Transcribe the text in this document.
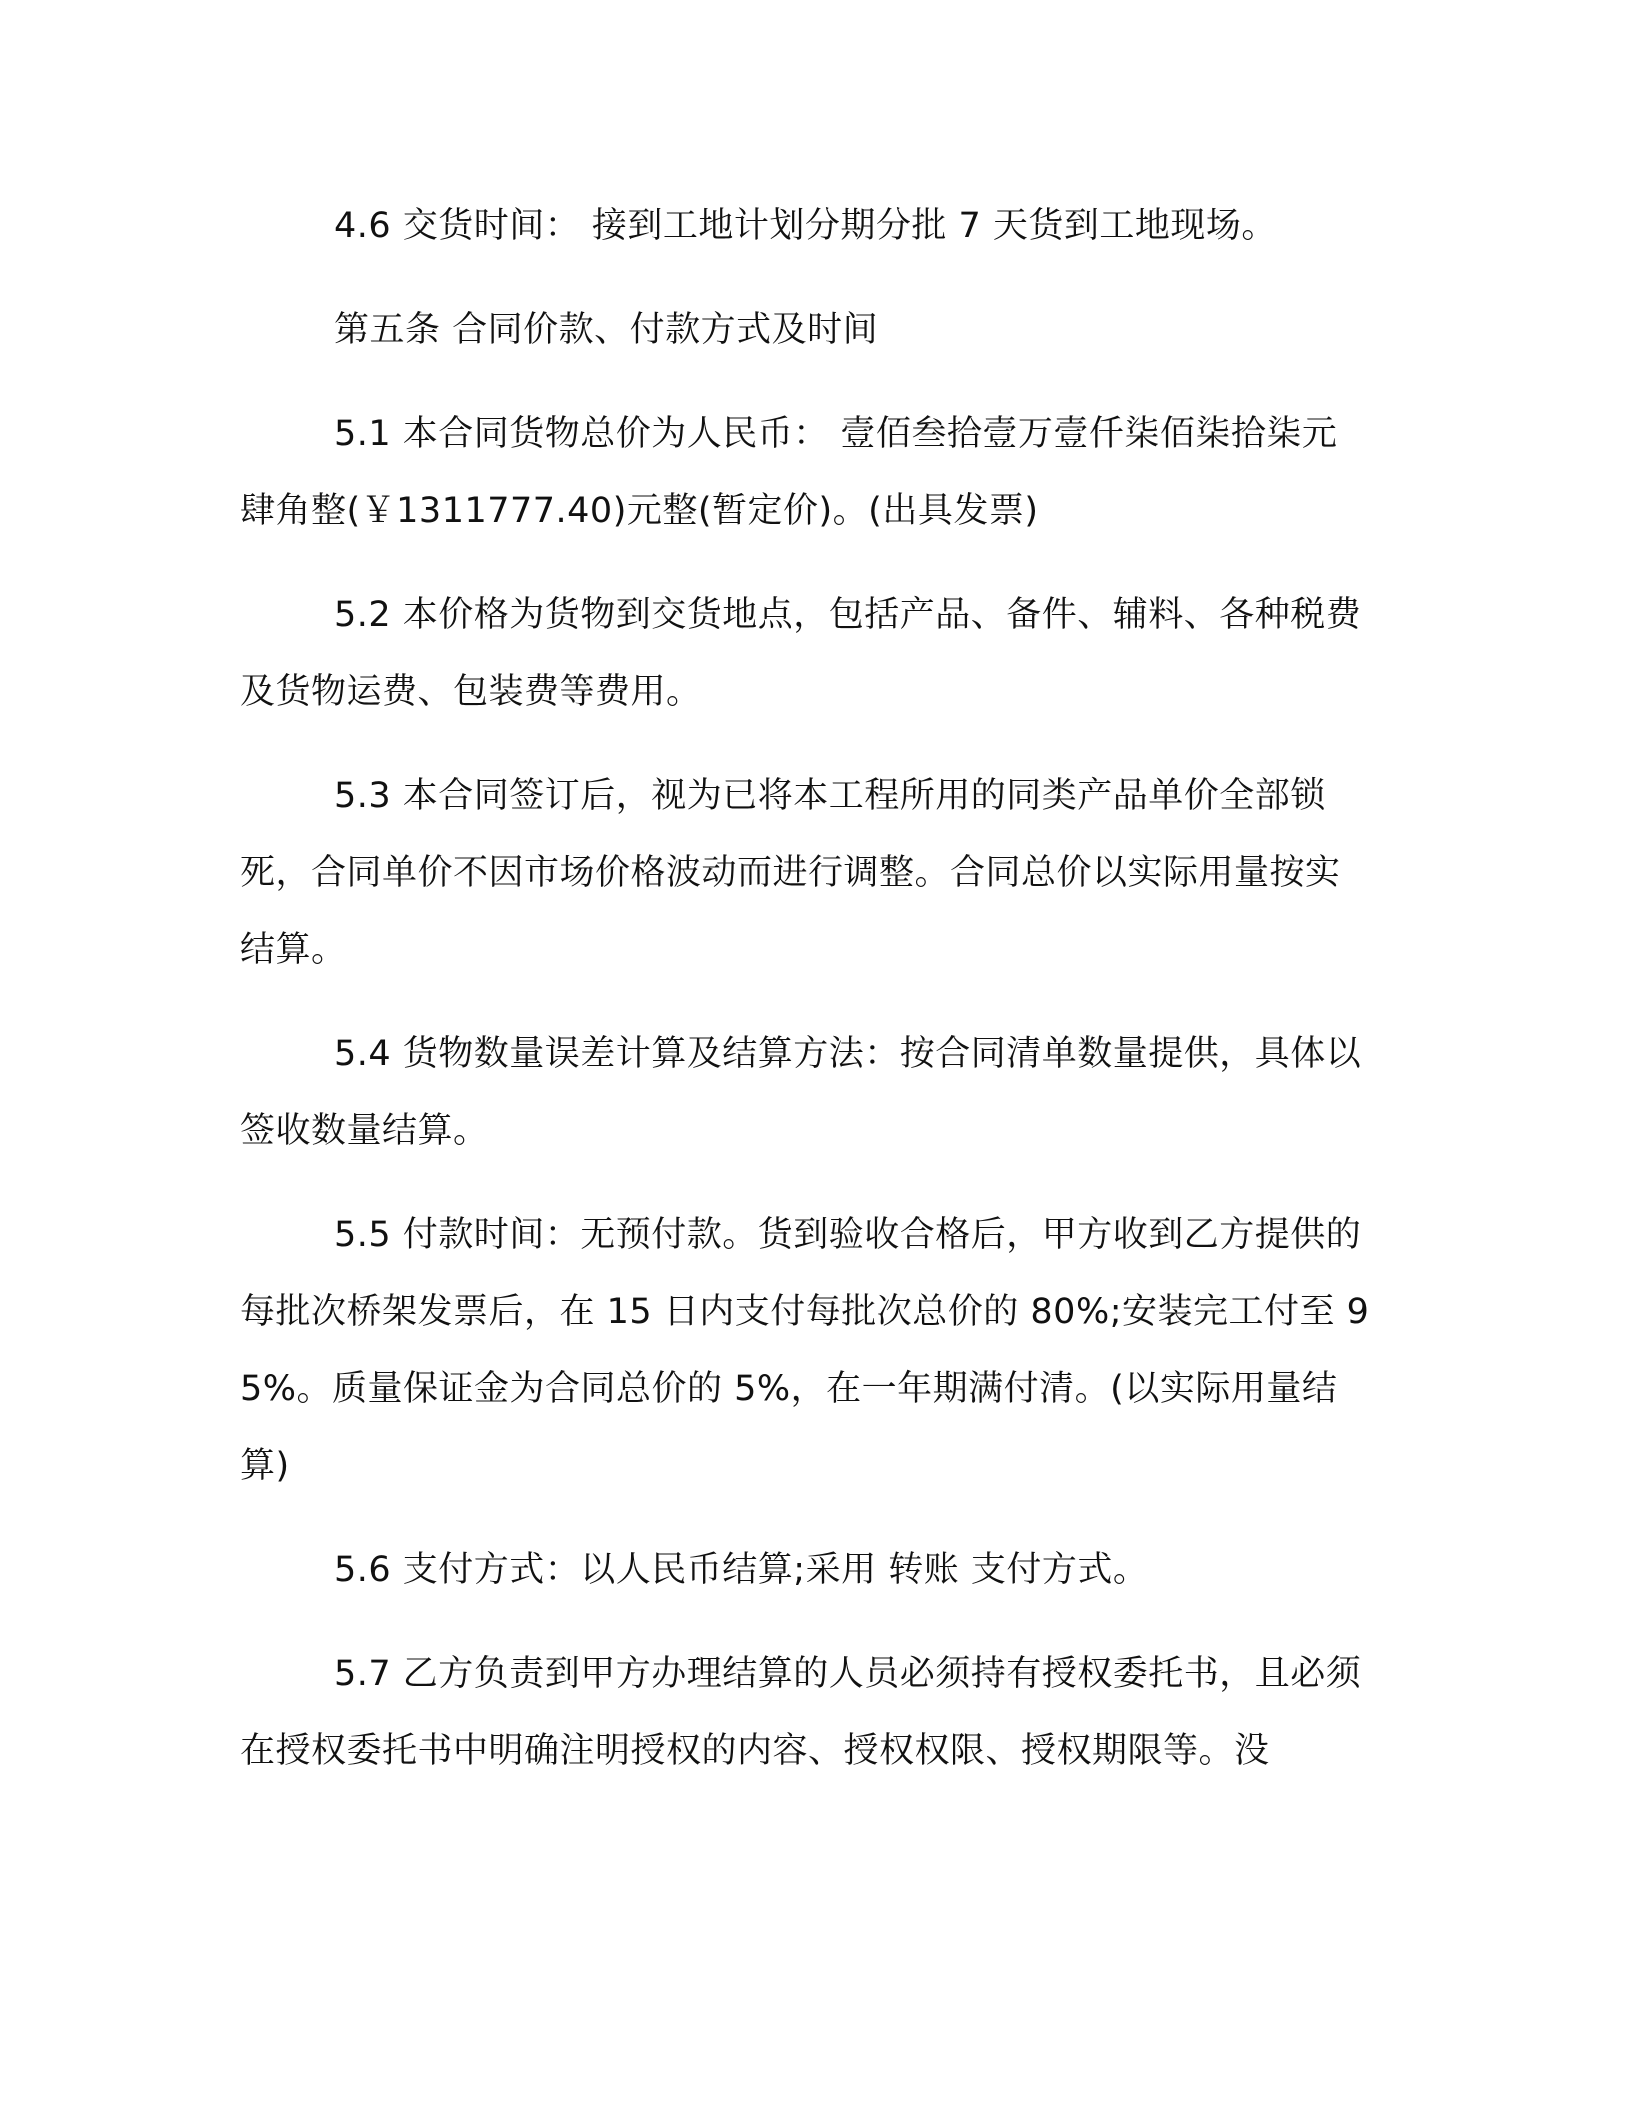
4.6 交货时间： 接到工地计划分期分批 7 天货到工地现场。

第五条 合同价款、付款方式及时间

5.1 本合同货物总价为人民币： 壹佰叁拾壹万壹仟柒佰柒拾柒元肆角整(￥1311777.40)元整(暂定价)。(出具发票)

5.2 本价格为货物到交货地点，包括产品、备件、辅料、各种税费及货物运费、包装费等费用。

5.3 本合同签订后，视为已将本工程所用的同类产品单价全部锁死，合同单价不因市场价格波动而进行调整。合同总价以实际用量按实结算。

5.4 货物数量误差计算及结算方法：按合同清单数量提供，具体以签收数量结算。

5.5 付款时间：无预付款。货到验收合格后，甲方收到乙方提供的每批次桥架发票后，在 15 日内支付每批次总价的 80%;安装完工付至 95%。质量保证金为合同总价的 5%，在一年期满付清。(以实际用量结算)

5.6 支付方式：以人民币结算;采用 转账 支付方式。

5.7 乙方负责到甲方办理结算的人员必须持有授权委托书，且必须在授权委托书中明确注明授权的内容、授权权限、授权期限等。没
